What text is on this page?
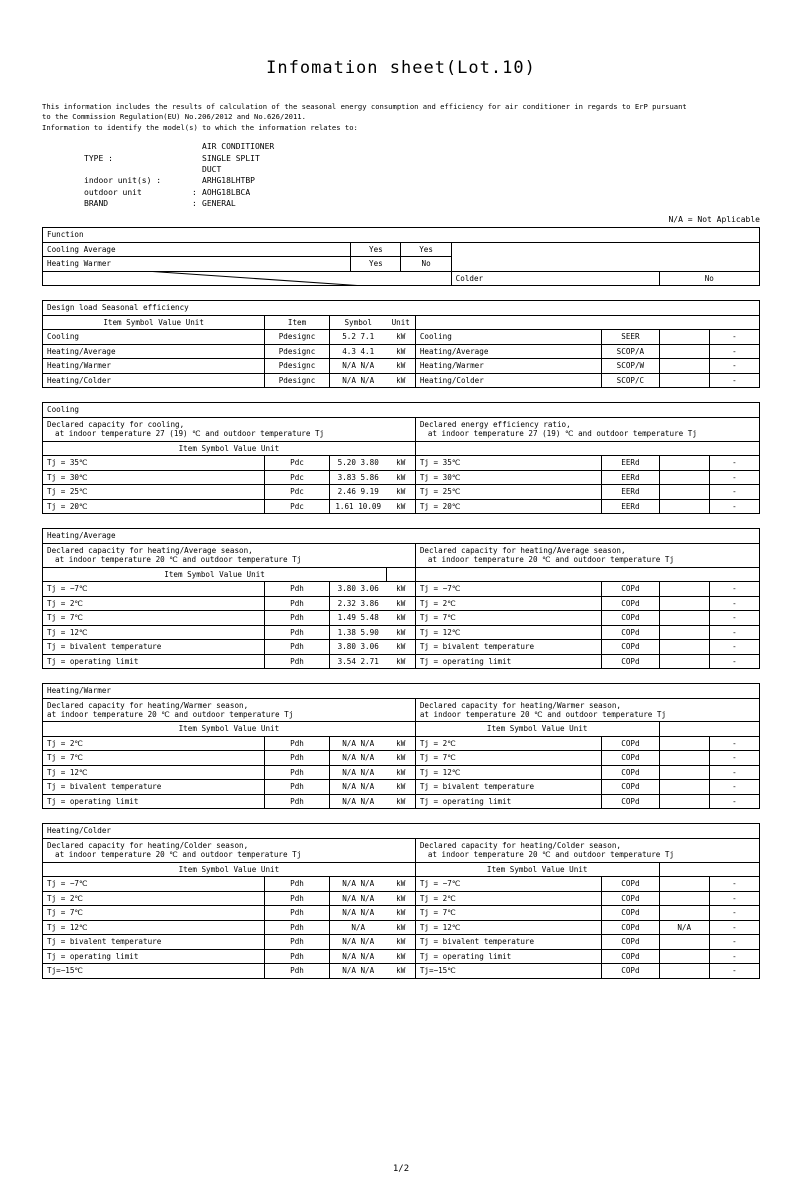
Infomation sheet(Lot.10)
This information includes the results of calculation of the seasonal energy consumption and efficiency for air conditioner in regards to ErP pursuant
to the Commission Regulation(EU) No.206/2012 and No.626/2011.
Information to identify the model(s) to which the information relates to:
		AIR CONDITIONER
TYPE :		SINGLE SPLIT
		DUCT
indoor unit(s) :		ARHG18LHTBP
outdoor unit	:	AOHG18LBCA
BRAND	:	GENERAL
N/A = Not Aplicable
Function				
Cooling Average	Yes	Yes		
Heating Warmer	Yes	No		

	Colder	No
Design load Seasonal efficiency							
Item Symbol Value Unit	Item	Symbol	Unit				
Cooling	Pdesignc	5.2 7.1	kW	Cooling	SEER		-
Heating/Average	Pdesignc	4.3 4.1	kW	Heating/Average	SCOP/A		-
Heating/Warmer	Pdesignc	N/A N/A	kW	Heating/Warmer	SCOP/W		-
Heating/Colder	Pdesignc	N/A N/A	kW	Heating/Colder	SCOP/C		-
Cooling							

Declared capacity for cooling,
at indoor temperature 27 (19) ℃ and outdoor temperature Tj

Declared energy efficiency ratio,
at indoor temperature 27 (19) ℃ and outdoor temperature Tj

Item Symbol Value Unit							
Tj = 35℃	Pdc	5.20 3.80	kW	Tj = 35℃	EERd		-
Tj = 30℃	Pdc	3.83 5.86	kW	Tj = 30℃	EERd		-
Tj = 25℃	Pdc	2.46 9.19	kW	Tj = 25℃	EERd		-
Tj = 20℃	Pdc	1.61 10.09	kW	Tj = 20℃	EERd		-
Heating/Average							

Declared capacity for heating/Average season,
at indoor temperature 20 ℃ and outdoor temperature Tj

Declared capacity for heating/Average season,
at indoor temperature 20 ℃ and outdoor temperature Tj

Item Symbol Value Unit							
Tj = −7℃	Pdh	3.80 3.06	kW	Tj = −7℃	COPd		-
Tj = 2℃	Pdh	2.32 3.86	kW	Tj = 2℃	COPd		-
Tj = 7℃	Pdh	1.49 5.48	kW	Tj = 7℃	COPd		-
Tj = 12℃	Pdh	1.38 5.90	kW	Tj = 12℃	COPd		-
Tj = bivalent temperature	Pdh	3.80 3.06	kW	Tj = bivalent temperature	COPd		-
Tj = operating limit	Pdh	3.54 2.71	kW	Tj = operating limit	COPd		-
Heating/Warmer							

Declared capacity for heating/Warmer season,
at indoor temperature 20 ℃ and outdoor temperature Tj

Declared capacity for heating/Warmer season,
at indoor temperature 20 ℃ and outdoor temperature Tj

Item Symbol Value Unit				Item Symbol Value Unit			
Tj = 2℃	Pdh	N/A N/A	kW	Tj = 2℃	COPd		-
Tj = 7℃	Pdh	N/A N/A	kW	Tj = 7℃	COPd		-
Tj = 12℃	Pdh	N/A N/A	kW	Tj = 12℃	COPd		-
Tj = bivalent temperature	Pdh	N/A N/A	kW	Tj = bivalent temperature	COPd		-
Tj = operating limit	Pdh	N/A N/A	kW	Tj = operating limit	COPd		-
Heating/Colder							

Declared capacity for heating/Colder season,
at indoor temperature 20 ℃ and outdoor temperature Tj

Declared capacity for heating/Colder season,
at indoor temperature 20 ℃ and outdoor temperature Tj

Item Symbol Value Unit				Item Symbol Value Unit			
Tj = −7℃	Pdh	N/A N/A	kW	Tj = −7℃	COPd		-
Tj = 2℃	Pdh	N/A N/A	kW	Tj = 2℃	COPd		-
Tj = 7℃	Pdh	N/A N/A	kW	Tj = 7℃	COPd		-
Tj = 12℃	Pdh	N/A	kW	Tj = 12℃	COPd	N/A	-
Tj = bivalent temperature	Pdh	N/A N/A	kW	Tj = bivalent temperature	COPd		-
Tj = operating limit	Pdh	N/A N/A	kW	Tj = operating limit	COPd		-
Tj=−15℃	Pdh	N/A N/A	kW	Tj=−15℃	COPd		-
1/2
